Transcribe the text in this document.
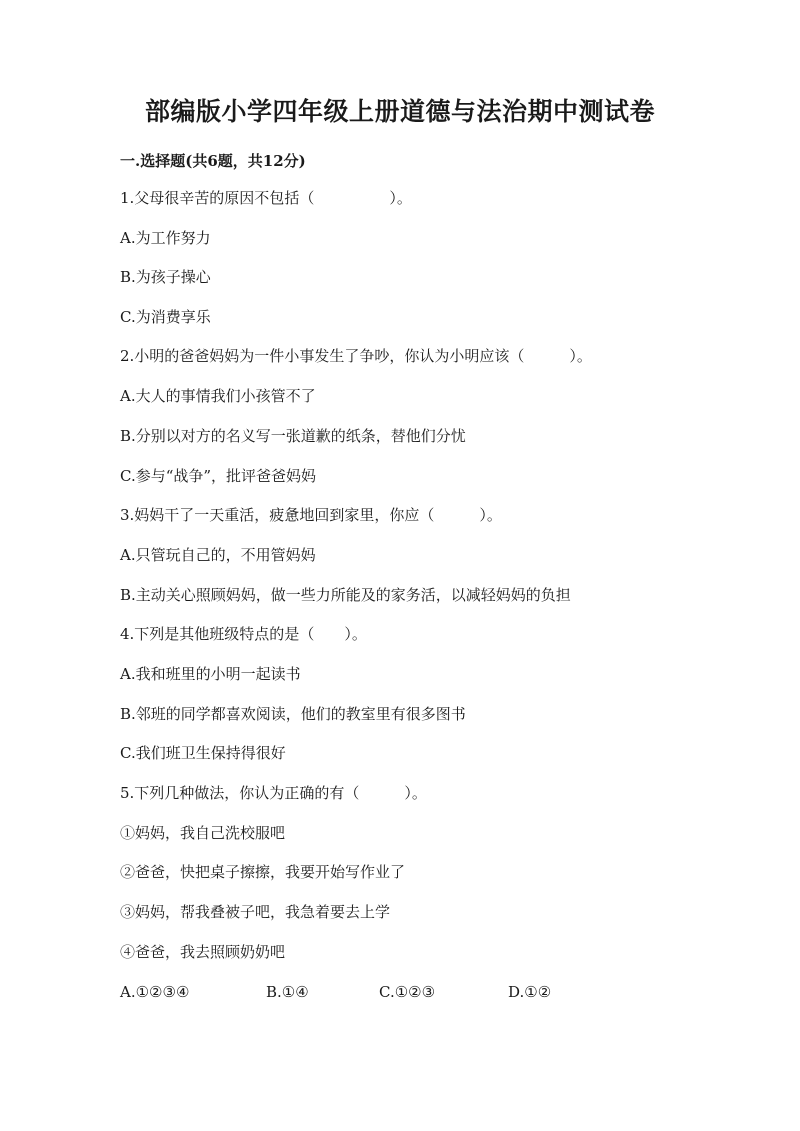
部编版小学四年级上册道德与法治期中测试卷
一.选择题(共6题，共12分)
1.父母很辛苦的原因不包括（　　　　　）。
A.为工作努力
B.为孩子操心
C.为消费享乐
2.小明的爸爸妈妈为一件小事发生了争吵，你认为小明应该（　　　）。
A.大人的事情我们小孩管不了
B.分别以对方的名义写一张道歉的纸条，替他们分忧
C.参与“战争”，批评爸爸妈妈
3.妈妈干了一天重活，疲惫地回到家里，你应（　　　）。
A.只管玩自己的，不用管妈妈
B.主动关心照顾妈妈，做一些力所能及的家务活，以减轻妈妈的负担
4.下列是其他班级特点的是（　　）。
A.我和班里的小明一起读书
B.邻班的同学都喜欢阅读，他们的教室里有很多图书
C.我们班卫生保持得很好
5.下列几种做法，你认为正确的有（　　　）。
①妈妈，我自己洗校服吧
②爸爸，快把桌子擦擦，我要开始写作业了
③妈妈，帮我叠被子吧，我急着要去上学
④爸爸，我去照顾奶奶吧
A.①②③④	B.①④	C.①②③	D.①②
